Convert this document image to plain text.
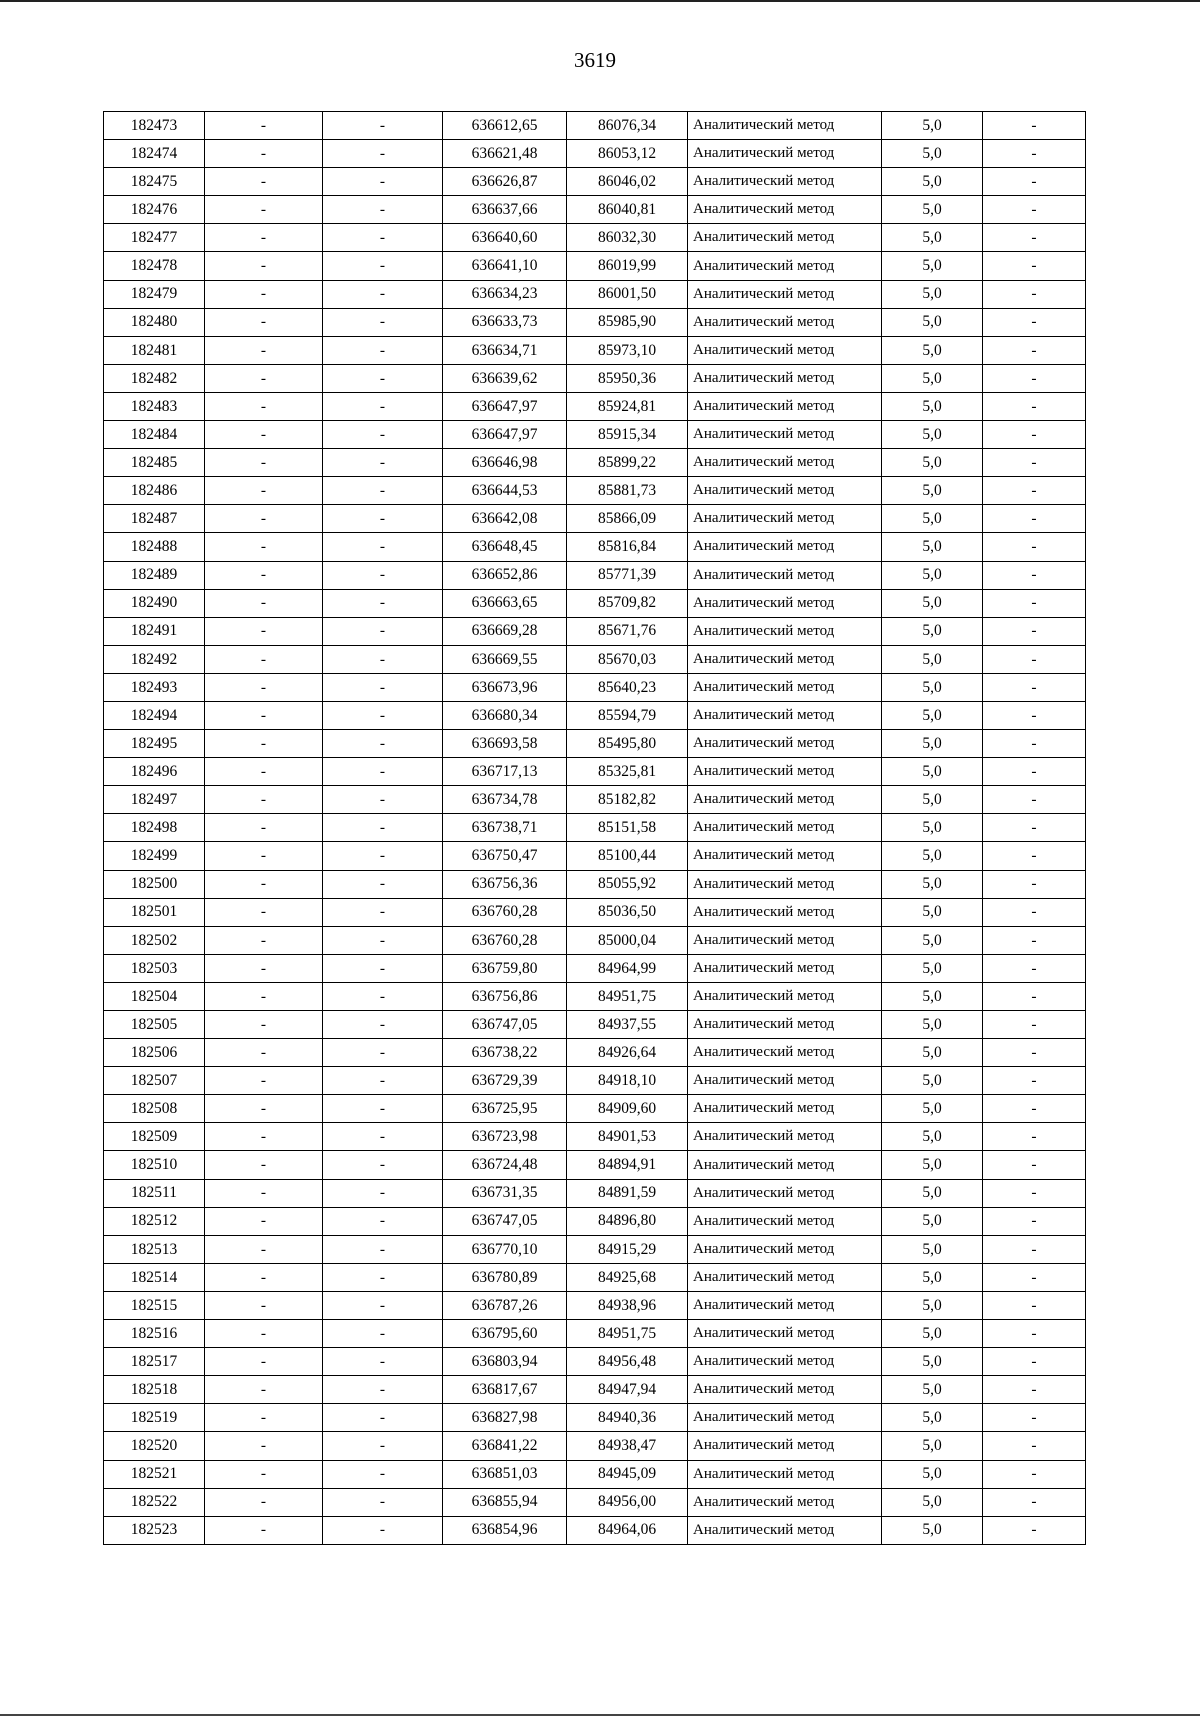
3619
182473	-	-	636612,65	86076,34	Аналитический метод	5,0	-
182474	-	-	636621,48	86053,12	Аналитический метод	5,0	-
182475	-	-	636626,87	86046,02	Аналитический метод	5,0	-
182476	-	-	636637,66	86040,81	Аналитический метод	5,0	-
182477	-	-	636640,60	86032,30	Аналитический метод	5,0	-
182478	-	-	636641,10	86019,99	Аналитический метод	5,0	-
182479	-	-	636634,23	86001,50	Аналитический метод	5,0	-
182480	-	-	636633,73	85985,90	Аналитический метод	5,0	-
182481	-	-	636634,71	85973,10	Аналитический метод	5,0	-
182482	-	-	636639,62	85950,36	Аналитический метод	5,0	-
182483	-	-	636647,97	85924,81	Аналитический метод	5,0	-
182484	-	-	636647,97	85915,34	Аналитический метод	5,0	-
182485	-	-	636646,98	85899,22	Аналитический метод	5,0	-
182486	-	-	636644,53	85881,73	Аналитический метод	5,0	-
182487	-	-	636642,08	85866,09	Аналитический метод	5,0	-
182488	-	-	636648,45	85816,84	Аналитический метод	5,0	-
182489	-	-	636652,86	85771,39	Аналитический метод	5,0	-
182490	-	-	636663,65	85709,82	Аналитический метод	5,0	-
182491	-	-	636669,28	85671,76	Аналитический метод	5,0	-
182492	-	-	636669,55	85670,03	Аналитический метод	5,0	-
182493	-	-	636673,96	85640,23	Аналитический метод	5,0	-
182494	-	-	636680,34	85594,79	Аналитический метод	5,0	-
182495	-	-	636693,58	85495,80	Аналитический метод	5,0	-
182496	-	-	636717,13	85325,81	Аналитический метод	5,0	-
182497	-	-	636734,78	85182,82	Аналитический метод	5,0	-
182498	-	-	636738,71	85151,58	Аналитический метод	5,0	-
182499	-	-	636750,47	85100,44	Аналитический метод	5,0	-
182500	-	-	636756,36	85055,92	Аналитический метод	5,0	-
182501	-	-	636760,28	85036,50	Аналитический метод	5,0	-
182502	-	-	636760,28	85000,04	Аналитический метод	5,0	-
182503	-	-	636759,80	84964,99	Аналитический метод	5,0	-
182504	-	-	636756,86	84951,75	Аналитический метод	5,0	-
182505	-	-	636747,05	84937,55	Аналитический метод	5,0	-
182506	-	-	636738,22	84926,64	Аналитический метод	5,0	-
182507	-	-	636729,39	84918,10	Аналитический метод	5,0	-
182508	-	-	636725,95	84909,60	Аналитический метод	5,0	-
182509	-	-	636723,98	84901,53	Аналитический метод	5,0	-
182510	-	-	636724,48	84894,91	Аналитический метод	5,0	-
182511	-	-	636731,35	84891,59	Аналитический метод	5,0	-
182512	-	-	636747,05	84896,80	Аналитический метод	5,0	-
182513	-	-	636770,10	84915,29	Аналитический метод	5,0	-
182514	-	-	636780,89	84925,68	Аналитический метод	5,0	-
182515	-	-	636787,26	84938,96	Аналитический метод	5,0	-
182516	-	-	636795,60	84951,75	Аналитический метод	5,0	-
182517	-	-	636803,94	84956,48	Аналитический метод	5,0	-
182518	-	-	636817,67	84947,94	Аналитический метод	5,0	-
182519	-	-	636827,98	84940,36	Аналитический метод	5,0	-
182520	-	-	636841,22	84938,47	Аналитический метод	5,0	-
182521	-	-	636851,03	84945,09	Аналитический метод	5,0	-
182522	-	-	636855,94	84956,00	Аналитический метод	5,0	-
182523	-	-	636854,96	84964,06	Аналитический метод	5,0	-
